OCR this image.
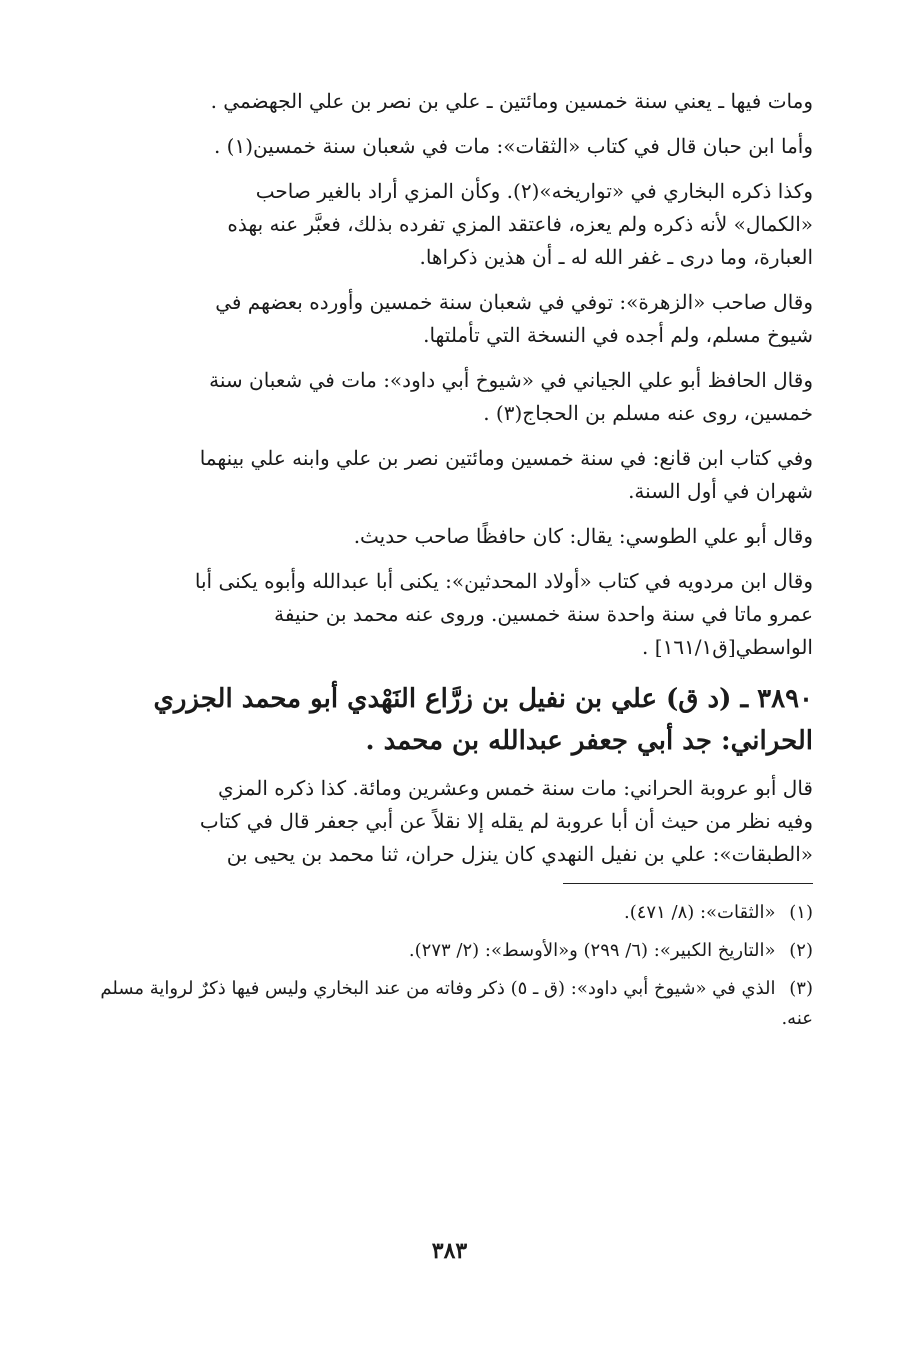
ومات فيها ـ يعني سنة خمسين ومائتين ـ علي بن نصر بن علي الجهضمي .

وأما ابن حبان قال في كتاب «الثقات»: مات في شعبان سنة خمسين(١) .

وكذا ذكره البخاري في «تواريخه»(٢). وكأن المزي أراد بالغير صاحب

«الكمال» لأنه ذكره ولم يعزه، فاعتقد المزي تفرده بذلك، فعبَّر عنه بهذه

العبارة، وما درى ـ غفر الله له ـ أن هذين ذكراها.

وقال صاحب «الزهرة»: توفي في شعبان سنة خمسين وأورده بعضهم في

شيوخ مسلم، ولم أجده في النسخة التي تأملتها.

وقال الحافظ أبو علي الجياني في «شيوخ أبي داود»: مات في شعبان سنة

خمسين، روى عنه مسلم بن الحجاج(٣) .

وفي كتاب ابن قانع: في سنة خمسين ومائتين نصر بن علي وابنه علي بينهما

شهران في أول السنة.

وقال أبو علي الطوسي: يقال: كان حافظًا صاحب حديث.

وقال ابن مردويه في كتاب «أولاد المحدثين»: يكنى أبا عبدالله وأبوه يكنى أبا

عمرو ماتا في سنة واحدة سنة خمسين. وروى عنه محمد بن حنيفة

الواسطي[ق١٦١/١] .

٣٨٩٠ ـ (د ق) علي بن نفيل بن زرَّاع النَهْدي أبو محمد الجزري
الحراني: جد أبي جعفر عبدالله بن محمد .

قال أبو عروبة الحراني: مات سنة خمس وعشرين ومائة. كذا ذكره المزي

وفيه نظر من حيث أن أبا عروبة لم يقله إلا نقلاً عن أبي جعفر قال في كتاب

«الطبقات»: علي بن نفيل النهدي كان ينزل حران، ثنا محمد بن يحيى بن

(١) «الثقات»: (٨/ ٤٧١).
(٢) «التاريخ الكبير»: (٦/ ٢٩٩) و«الأوسط»: (٢/ ٢٧٣).
(٣) الذي في «شيوخ أبي داود»: (ق ـ ٥) ذكر وفاته من عند البخاري وليس فيها ذكرٌ لرواية مسلم عنه.
٣٨٣
